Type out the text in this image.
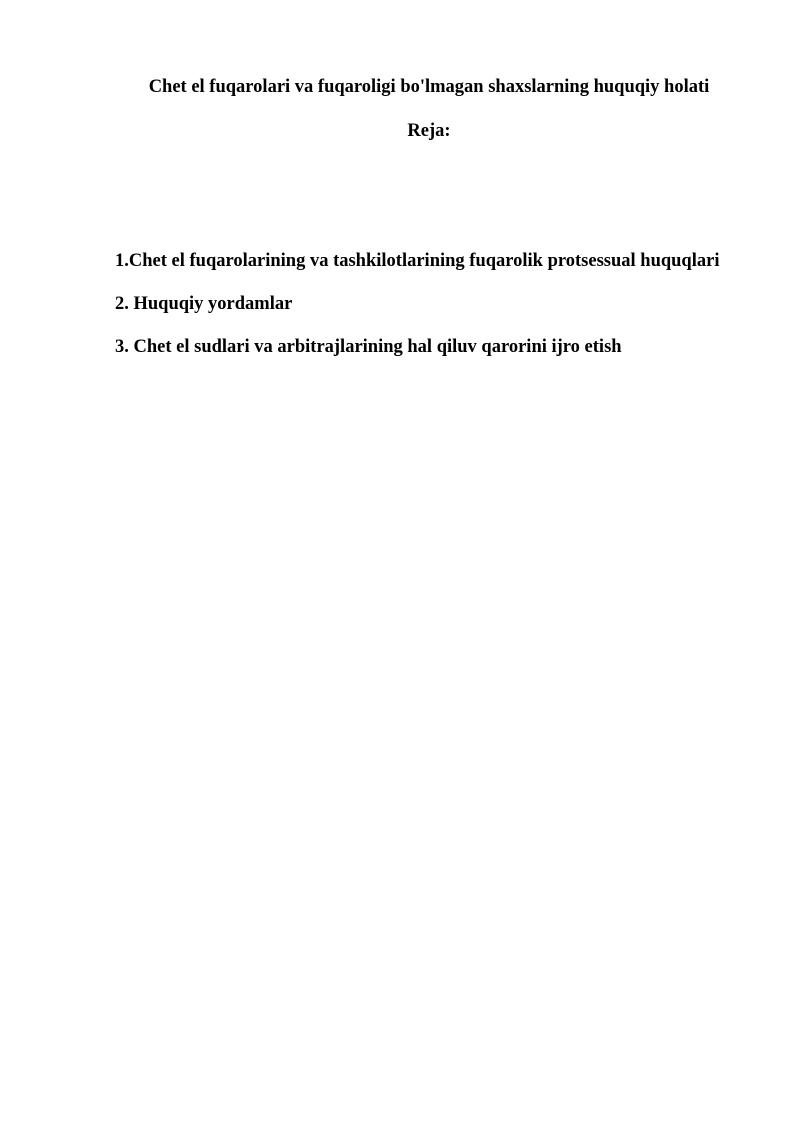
Chet el fuqarolari va fuqaroligi bo'lmagan shaxslarning huquqiy holati
Reja:
1.Chet el fuqarolarining va tashkilotlarining fuqarolik protsessual huquqlari
2. Huquqiy yordamlar
3. Chet el sudlari va arbitrajlarining hal qiluv qarorini ijro etish
